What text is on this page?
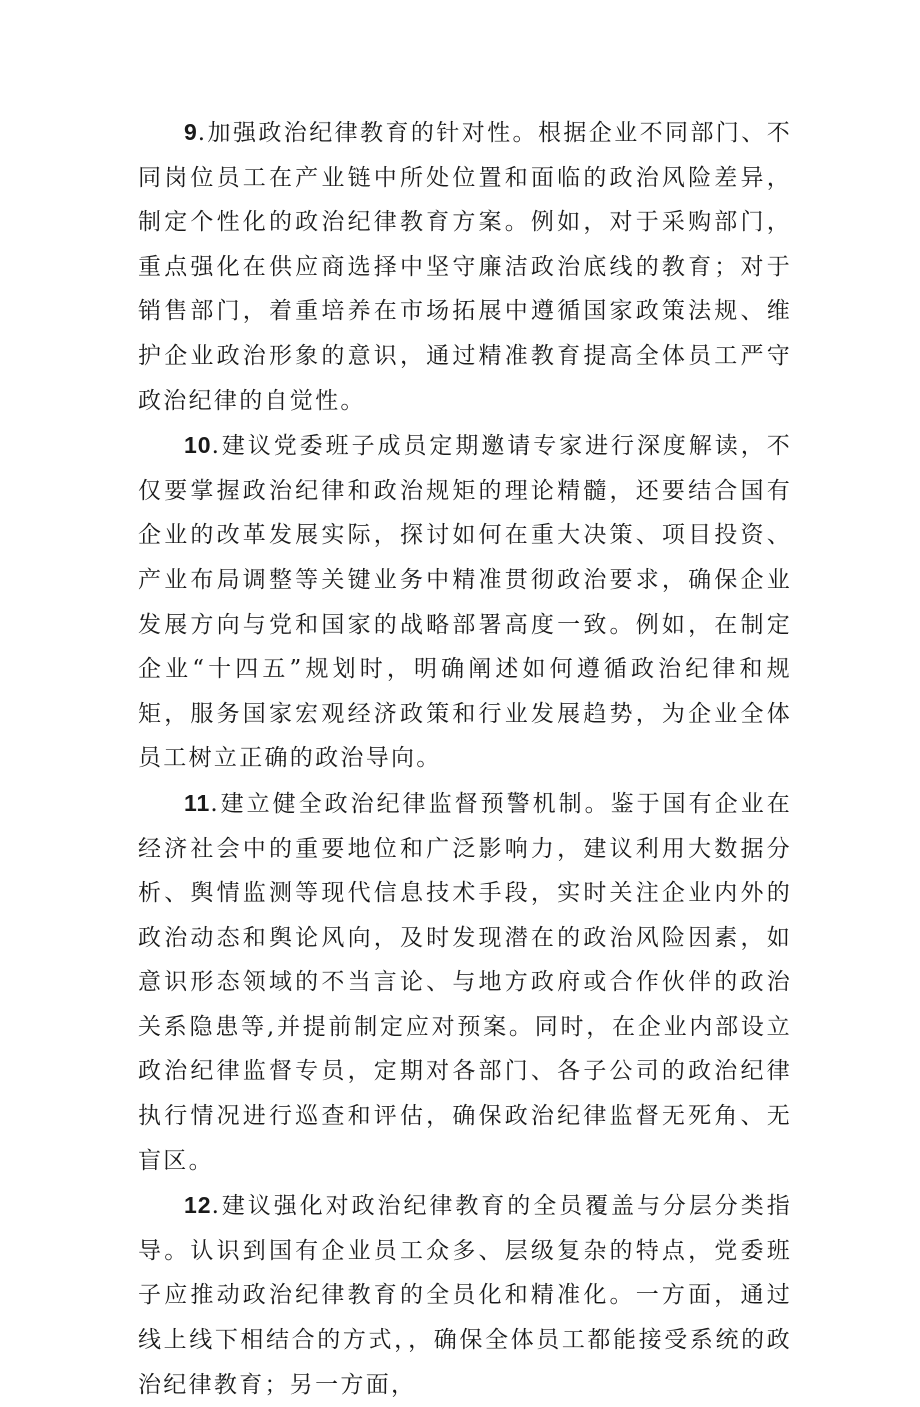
9.加强政治纪律教育的针对性。根据企业不同部门、不同岗位员工在产业链中所处位置和面临的政治风险差异，制定个性化的政治纪律教育方案。例如，对于采购部门，重点强化在供应商选择中坚守廉洁政治底线的教育；对于销售部门，着重培养在市场拓展中遵循国家政策法规、维护企业政治形象的意识，通过精准教育提高全体员工严守政治纪律的自觉性。

10.建议党委班子成员定期邀请专家进行深度解读，不仅要掌握政治纪律和政治规矩的理论精髓，还要结合国有企业的改革发展实际，探讨如何在重大决策、项目投资、产业布局调整等关键业务中精准贯彻政治要求，确保企业发展方向与党和国家的战略部署高度一致。例如，在制定企业“十四五”规划时，明确阐述如何遵循政治纪律和规矩，服务国家宏观经济政策和行业发展趋势，为企业全体员工树立正确的政治导向。

11.建立健全政治纪律监督预警机制。鉴于国有企业在经济社会中的重要地位和广泛影响力，建议利用大数据分析、舆情监测等现代信息技术手段，实时关注企业内外的政治动态和舆论风向，及时发现潜在的政治风险因素，如意识形态领域的不当言论、与地方政府或合作伙伴的政治关系隐患等,并提前制定应对预案。同时，在企业内部设立政治纪律监督专员，定期对各部门、各子公司的政治纪律执行情况进行巡查和评估，确保政治纪律监督无死角、无盲区。

12.建议强化对政治纪律教育的全员覆盖与分层分类指导。认识到国有企业员工众多、层级复杂的特点，党委班子应推动政治纪律教育的全员化和精准化。一方面，通过线上线下相结合的方式，，确保全体员工都能接受系统的政治纪律教育；另一方面，
